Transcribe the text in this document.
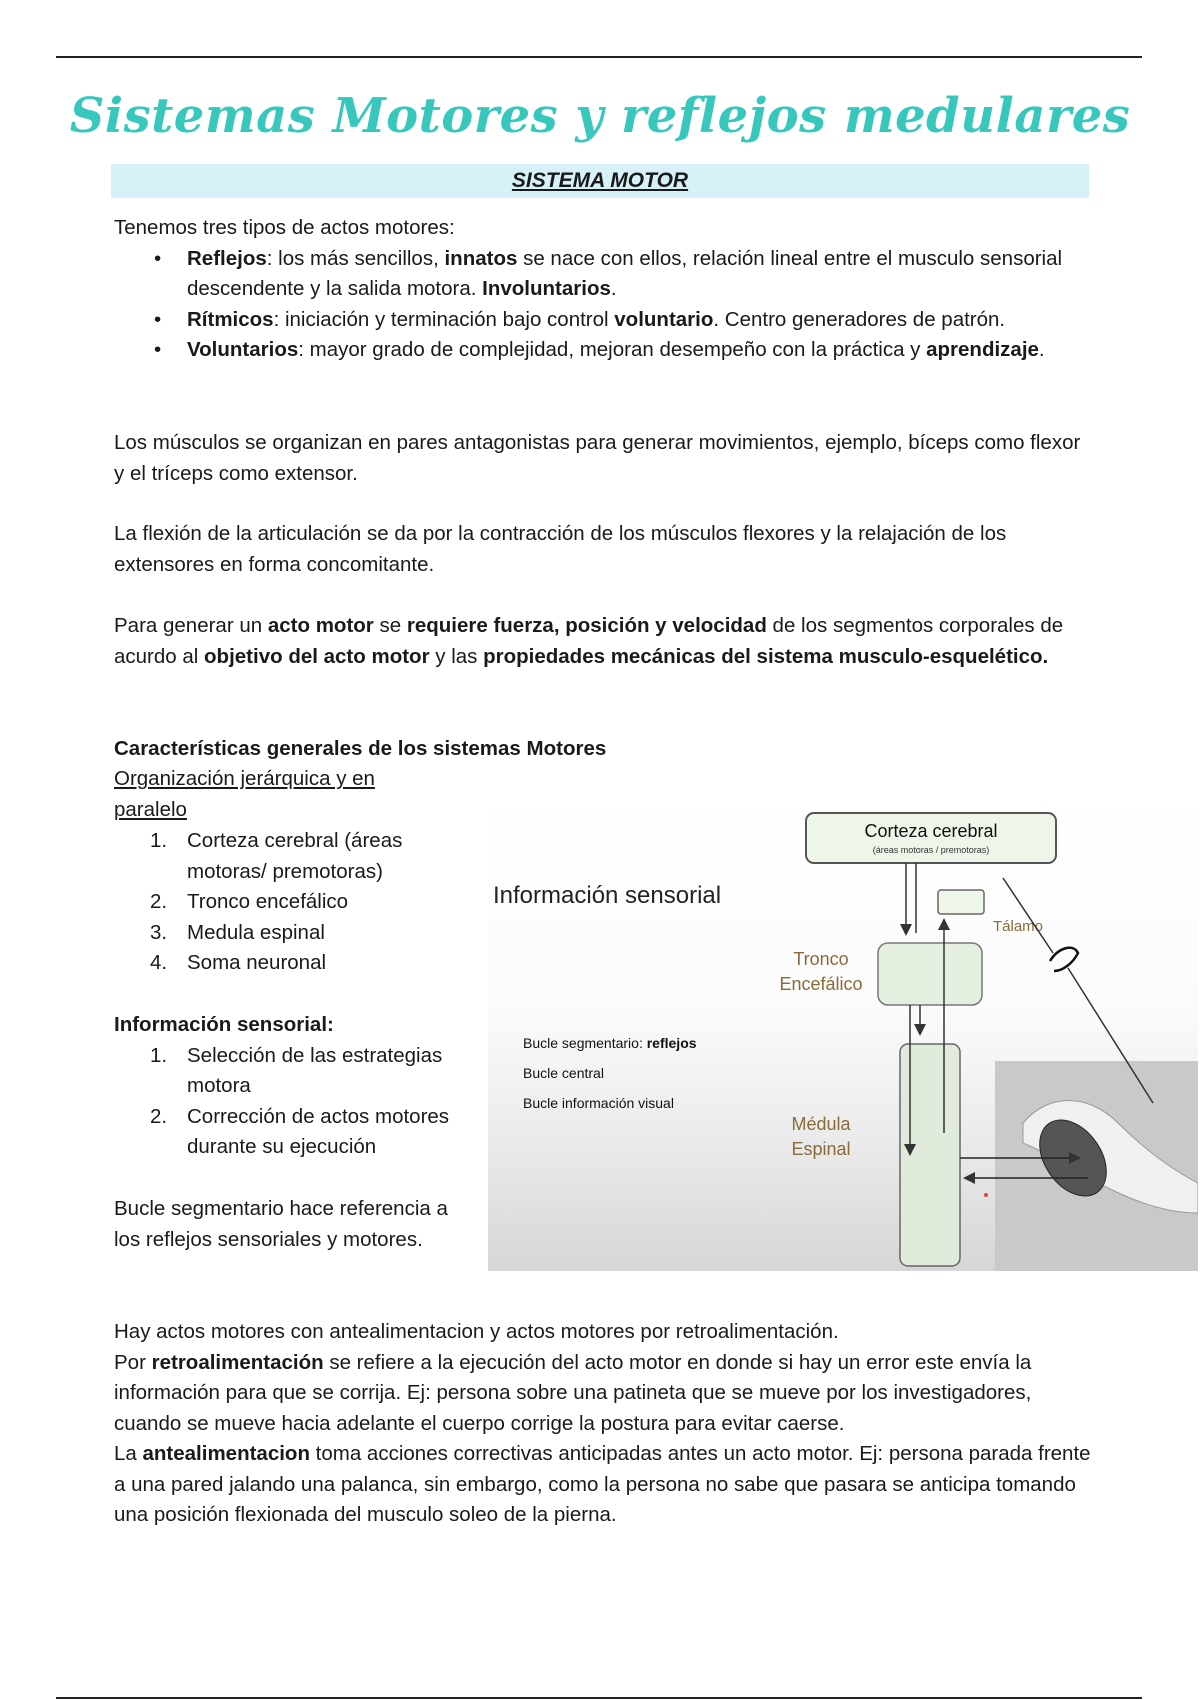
Sistemas Motores y reflejos medulares
SISTEMA MOTOR
Tenemos tres tipos de actos motores:
• Reflejos: los más sencillos, innatos se nace con ellos, relación lineal entre el musculo sensorial descendente y la salida motora. Involuntarios.
• Rítmicos: iniciación y terminación bajo control voluntario. Centro generadores de patrón.
• Voluntarios: mayor grado de complejidad, mejoran desempeño con la práctica y aprendizaje.
Los músculos se organizan en pares antagonistas para generar movimientos, ejemplo, bíceps como flexor y el tríceps como extensor.
La flexión de la articulación se da por la contracción de los músculos flexores y la relajación de los extensores en forma concomitante.
Para generar un acto motor se requiere fuerza, posición y velocidad de los segmentos corporales de acurdo al objetivo del acto motor y las propiedades mecánicas del sistema musculo-esquelético.
Características generales de los sistemas Motores
Organización jerárquica y en paralelo
1. Corteza cerebral (áreas motoras/ premotoras)
2. Tronco encefálico
3. Medula espinal
4. Soma neuronal
Información sensorial:
1. Selección de las estrategias motora
2. Corrección de actos motores durante su ejecución
Bucle segmentario hace referencia a los reflejos sensoriales y motores.
Información sensorial
Corteza cerebral
(áreas motoras / premotoras)
Tálamo
Tronco
Encefálico
Médula
Espinal
Bucle segmentario: reflejos
Bucle central
Bucle información visual
Hay actos motores con antealimentacion y actos motores por retroalimentación.
Por retroalimentación se refiere a la ejecución del acto motor en donde si hay un error este envía la información para que se corrija. Ej: persona sobre una patineta que se mueve por los investigadores, cuando se mueve hacia adelante el cuerpo corrige la postura para evitar caerse.
La antealimentacion toma acciones correctivas anticipadas antes un acto motor. Ej: persona parada frente a una pared jalando una palanca, sin embargo, como la persona no sabe que pasara se anticipa tomando una posición flexionada del musculo soleo de la pierna.
